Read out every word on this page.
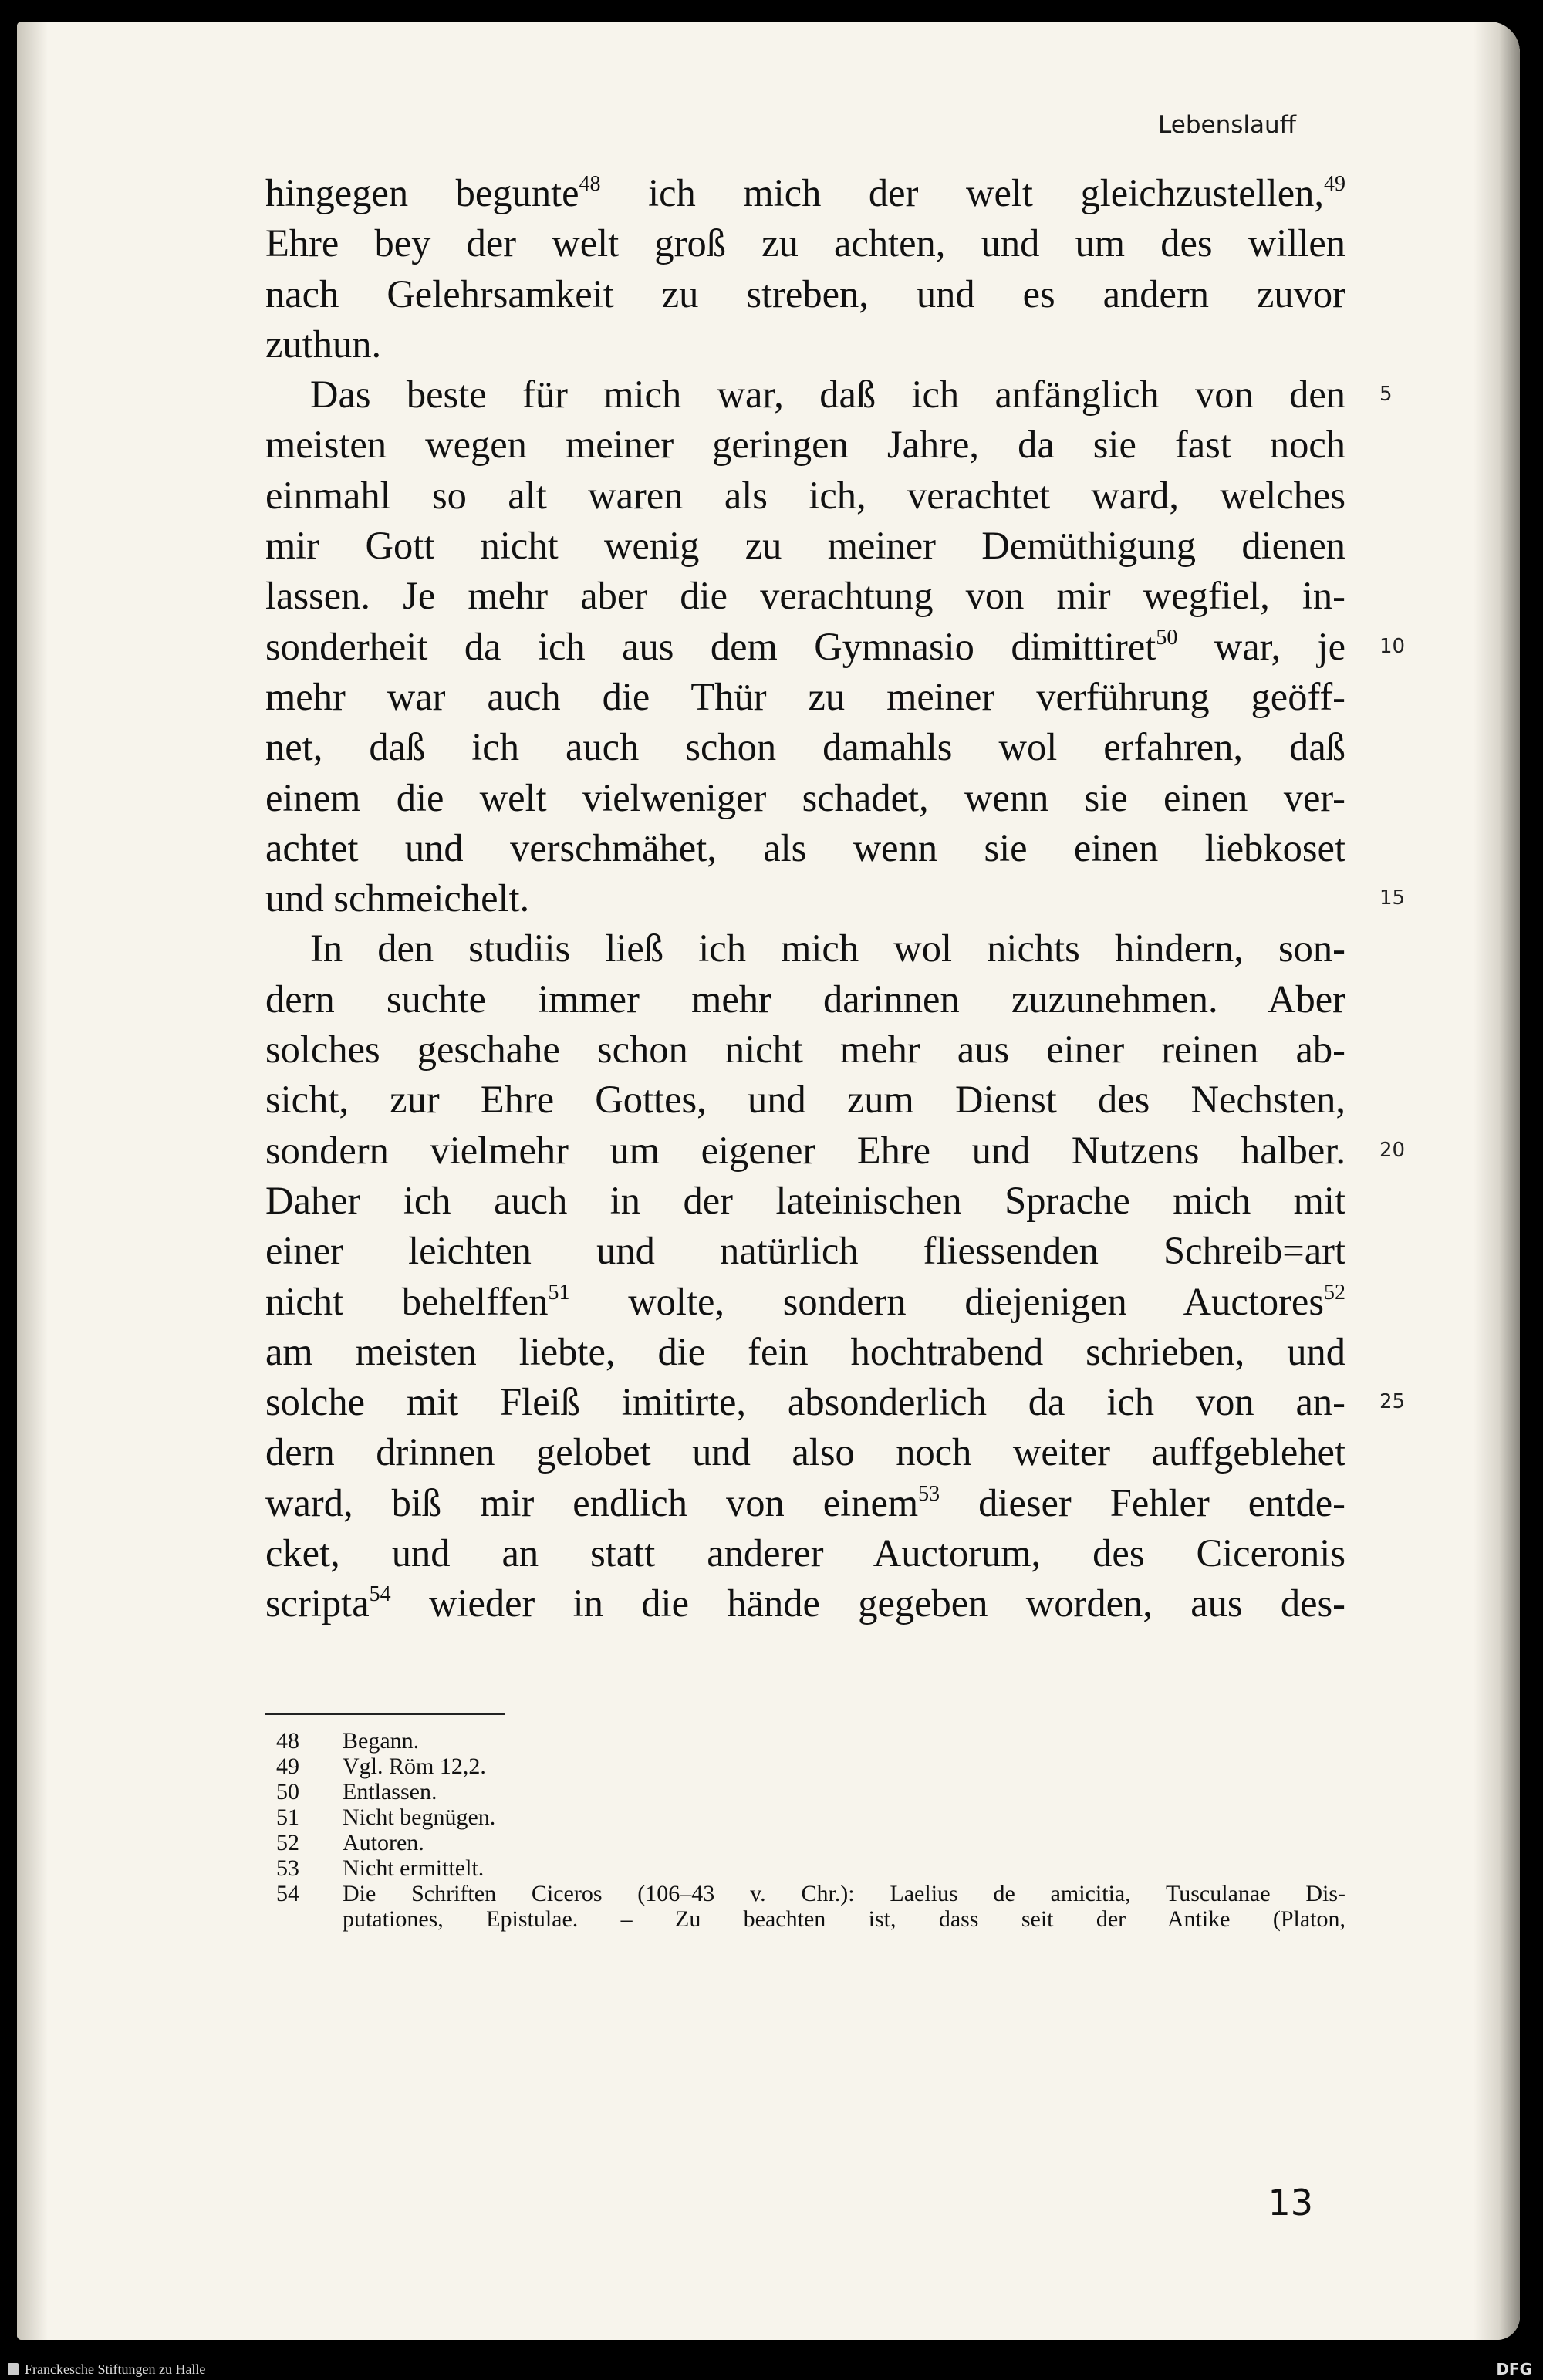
Lebenslauff
hingegen begunte$^{48}$ ich mich der welt gleichzustellen,$^{49}$
Ehre bey der welt groß zu achten, und um des willen
nach Gelehrsamkeit zu streben, und es andern zuvor
zuthun.
Das beste für mich war, daß ich anfänglich von den 5
meisten wegen meiner geringen Jahre, da sie fast noch
einmahl so alt waren als ich, verachtet ward, welches
mir Gott nicht wenig zu meiner Demüthigung dienen
lassen. Je mehr aber die verachtung von mir wegfiel, in-
sonderheit da ich aus dem Gymnasio dimittiret$^{50}$ war, je 10
mehr war auch die Thür zu meiner verführung geöff-
net, daß ich auch schon damahls wol erfahren, daß
einem die welt vielweniger schadet, wenn sie einen ver-
achtet und verschmähet, als wenn sie einen liebkoset
und schmeichelt.	15
In den studiis ließ ich mich wol nichts hindern, son-
dern suchte immer mehr darinnen zuzunehmen. Aber
solches geschahe schon nicht mehr aus einer reinen ab-
sicht, zur Ehre Gottes, und zum Dienst des Nechsten,
sondern vielmehr um eigener Ehre und Nutzens halber. 20
Daher ich auch in der lateinischen Sprache mich mit
einer leichten und natürlich fliessenden Schreib=art
nicht behelffen$^{51}$ wolte, sondern diejenigen Auctores$^{52}$
am meisten liebte, die fein hochtrabend schrieben, und
solche mit Fleiß imitirte, absonderlich da ich von an- 25
dern drinnen gelobet und also noch weiter auffgeblehet
ward, biß mir endlich von einem$^{53}$ dieser Fehler entde-
cket, und an statt anderer Auctorum, des Ciceronis
scripta$^{54}$ wieder in die hände gegeben worden, aus des-
48 Begann.
49 Vgl. Röm 12,2.
50 Entlassen.
51 Nicht begnügen.
52 Autoren.
53 Nicht ermittelt.
54 Die Schriften Ciceros (106–43 v. Chr.): Laelius de amicitia, Tusculanae Dis-
putationes, Epistulae. – Zu beachten ist, dass seit der Antike (Platon,
13
Franckesche Stiftungen zu Halle	DFG
